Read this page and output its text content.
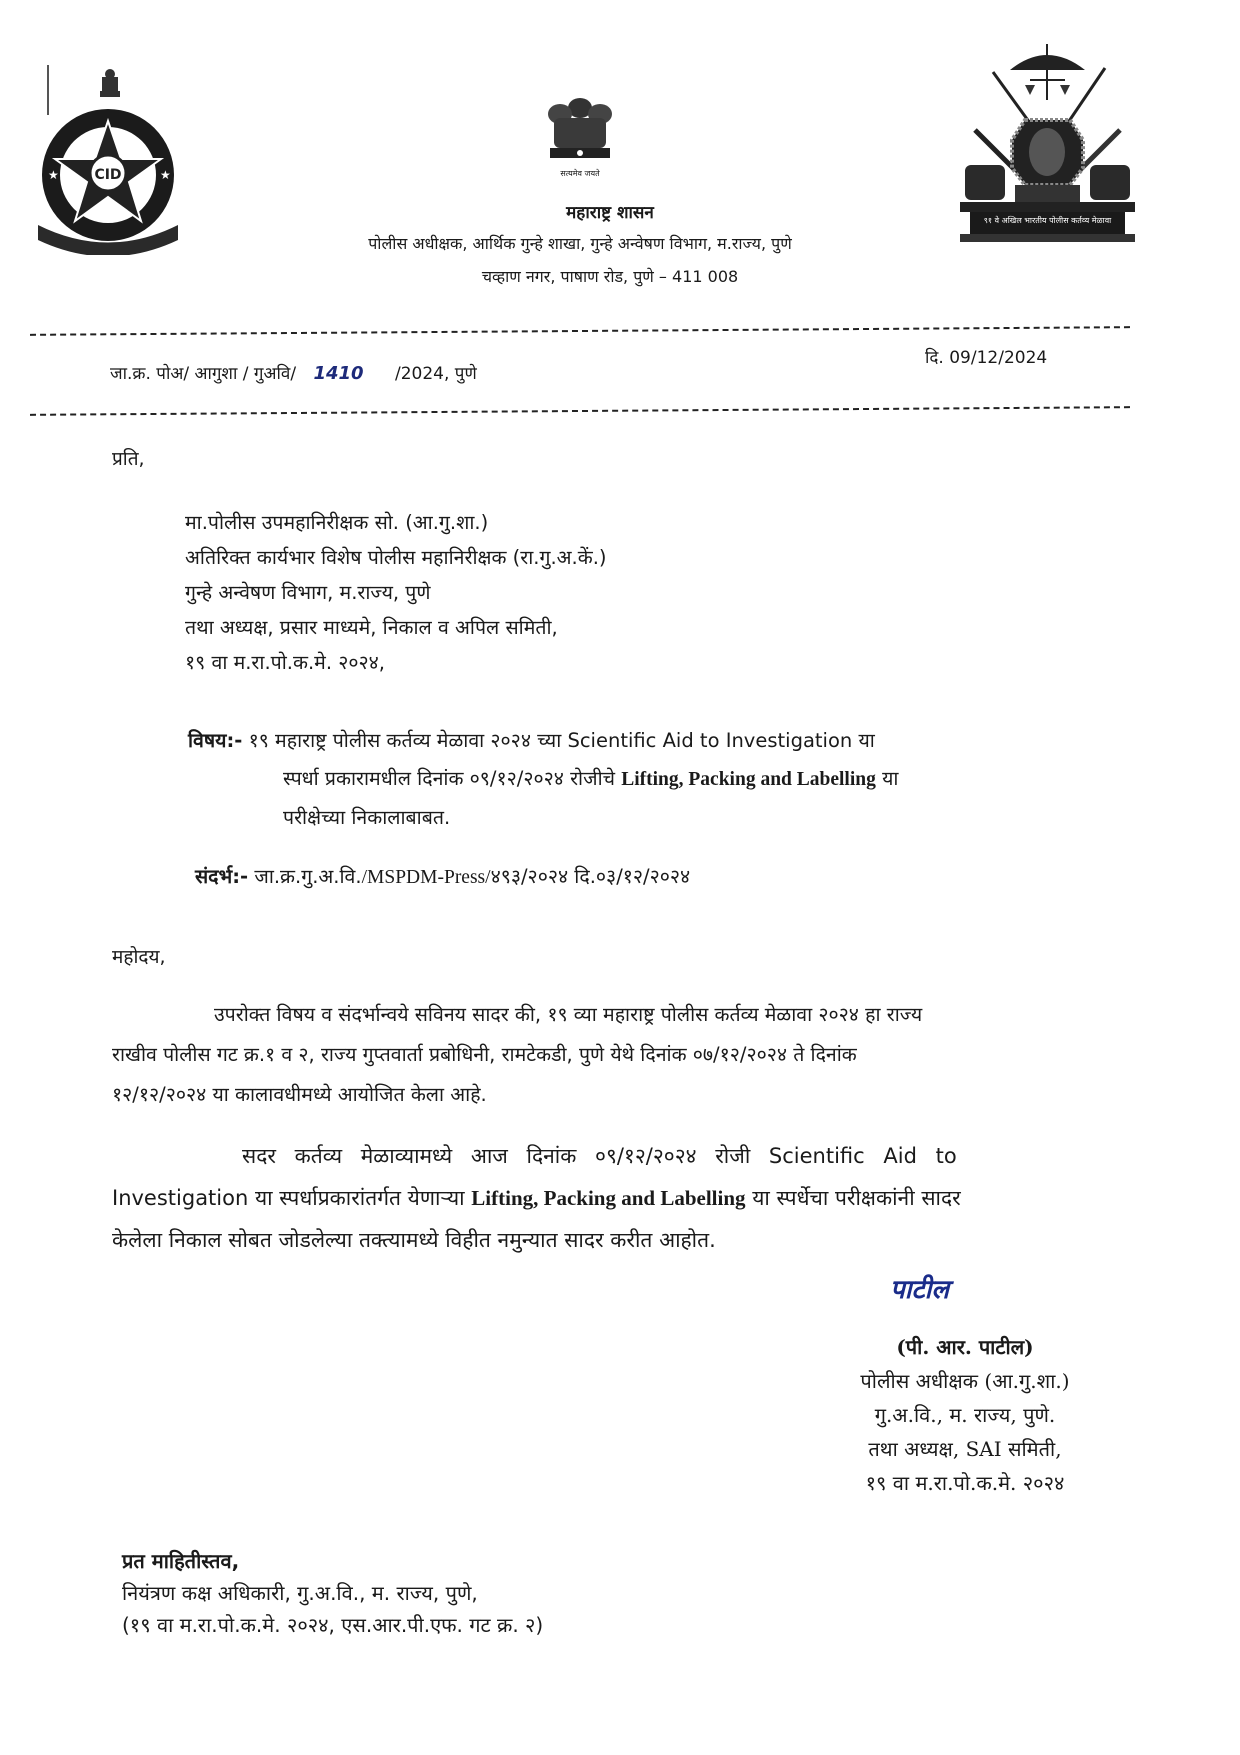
CID
★	★	सत्यमेव जयते
९१ वे अखिल भारतीय पोलीस कर्तव्य मेळावा
महाराष्ट्र शासन
पोलीस अधीक्षक, आर्थिक गुन्हे शाखा, गुन्हे अन्वेषण विभाग, म.राज्य, पुणे
चव्हाण नगर, पाषाण रोड, पुणे – 411 008
जा.क्र. पोअ/ आगुशा / गुअवि/ 1410 /2024, पुणे
दि. 09/12/2024
प्रति,
मा.पोलीस उपमहानिरीक्षक सो. (आ.गु.शा.)
अतिरिक्त कार्यभार विशेष पोलीस महानिरीक्षक (रा.गु.अ.कें.)
गुन्हे अन्वेषण विभाग, म.राज्य, पुणे
तथा अध्यक्ष, प्रसार माध्यमे, निकाल व अपिल समिती,
१९ वा म.रा.पो.क.मे. २०२४,
विषय:- १९ महाराष्ट्र पोलीस कर्तव्य मेळावा २०२४ च्या Scientific Aid to Investigation या
स्पर्धा प्रकारामधील दिनांक ०९/१२/२०२४ रोजीचे Lifting, Packing and Labelling या
परीक्षेच्या निकालाबाबत.
संदर्भ:- जा.क्र.गु.अ.वि./MSPDM-Press/४९३/२०२४ दि.०३/१२/२०२४
महोदय,
उपरोक्त विषय व संदर्भान्वये सविनय सादर की, १९ व्या महाराष्ट्र पोलीस कर्तव्य मेळावा २०२४ हा राज्य
राखीव पोलीस गट क्र.१ व २, राज्य गुप्तवार्ता प्रबोधिनी, रामटेकडी, पुणे येथे दिनांक ०७/१२/२०२४ ते दिनांक
१२/१२/२०२४ या कालावधीमध्ये आयोजित केला आहे.
सदर कर्तव्य मेळाव्यामध्ये आज दिनांक ०९/१२/२०२४ रोजी Scientific Aid to
Investigation या स्पर्धाप्रकारांतर्गत येणाऱ्या Lifting, Packing and Labelling या स्पर्धेचा परीक्षकांनी सादर
केलेला निकाल सोबत जोडलेल्या तक्त्यामध्ये विहीत नमुन्यात सादर करीत आहोत.
पाटील
(पी. आर. पाटील)
पोलीस अधीक्षक (आ.गु.शा.)
गु.अ.वि., म. राज्य, पुणे.
तथा अध्यक्ष, SAI समिती,
१९ वा म.रा.पो.क.मे. २०२४
प्रत माहितीस्तव,
नियंत्रण कक्ष अधिकारी, गु.अ.वि., म. राज्य, पुणे,
(१९ वा म.रा.पो.क.मे. २०२४, एस.आर.पी.एफ. गट क्र. २)
